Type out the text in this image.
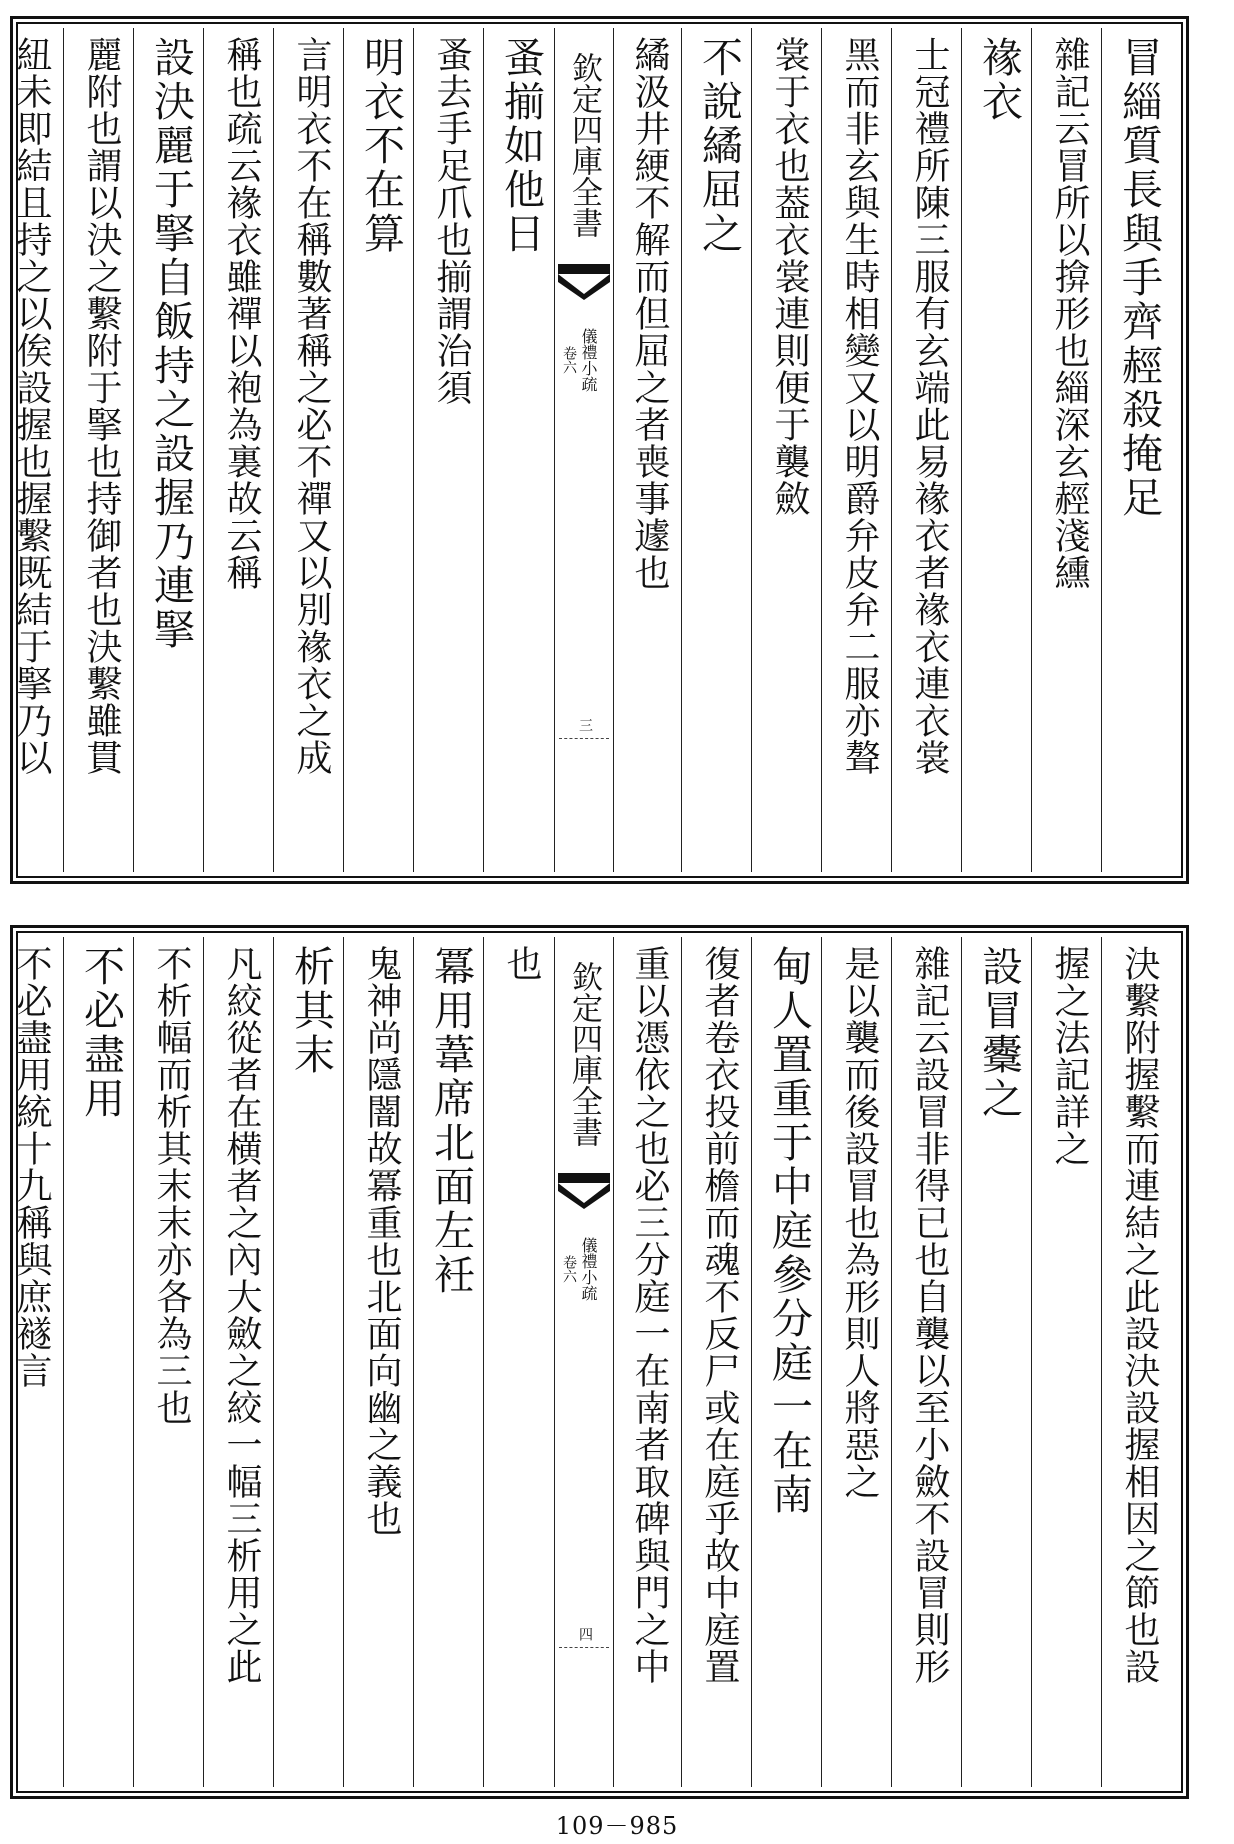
冒緇質長與手齊䞓殺掩足
雜記云冒所以揜形也緇深玄䞓淺纁
褖衣
士冠禮所陳三服有玄端此易褖衣者褖衣連衣裳
黑而非玄與生時相變又以明爵弁皮弁二服亦聱
裳于衣也葢衣裳連則便于襲斂
不說繘屈之
繘汲井綆不解而但屈之者喪事遽也
欽定四庫全書
儀禮小疏
卷六
三
蚤揃如他日
蚤去手足爪也揃謂治須
明衣不在算
言明衣不在稱數著稱之必不禪又以別褖衣之成
稱也疏云褖衣雖禪以袍為裏故云稱
設決麗于掔自飯持之設握乃連掔
麗附也謂以決之繫附于掔也持御者也決繫雖貫
紐未即結且持之以俟設握也握繫既結于掔乃以
決繫附握繫而連結之此設決設握相因之節也設
握之法記詳之
設冒櫜之
雜記云設冒非得已也自襲以至小斂不設冒則形
是以襲而後設冒也為形則人將惡之
甸人置重于中庭參分庭一在南
復者卷衣投前檐而魂不反尸或在庭乎故中庭置
重以憑依之也必三分庭一在南者取碑與門之中
欽定四庫全書
儀禮小疏
卷六
四
也
冪用葦席北面左衽
鬼神尚隱闇故冪重也北面向幽之義也
析其末
凡絞從者在横者之內大斂之絞一幅三析用之此
不析幅而析其末末亦各為三也
不必盡用
不必盡用統十九稱與庶襚言
109－985
